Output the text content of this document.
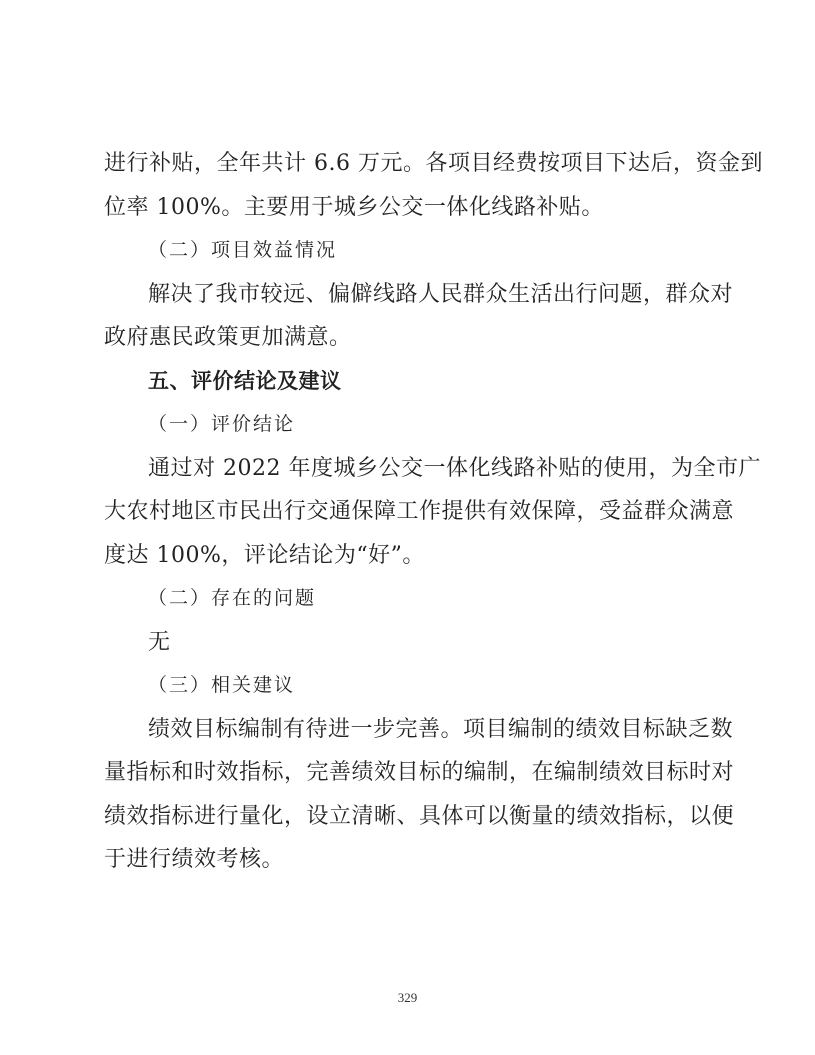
进行补贴，全年共计 6.6 万元。各项目经费按项目下达后，资金到
位率 100%。主要用于城乡公交一体化线路补贴。
（二）项目效益情况
解决了我市较远、偏僻线路人民群众生活出行问题，群众对
政府惠民政策更加满意。
五、评价结论及建议
（一）评价结论
通过对 2022 年度城乡公交一体化线路补贴的使用，为全市广
大农村地区市民出行交通保障工作提供有效保障，受益群众满意
度达 100%，评论结论为“好”。
（二）存在的问题
无
（三）相关建议
绩效目标编制有待进一步完善。项目编制的绩效目标缺乏数
量指标和时效指标，完善绩效目标的编制，在编制绩效目标时对
绩效指标进行量化，设立清晰、具体可以衡量的绩效指标，以便
于进行绩效考核。
329
